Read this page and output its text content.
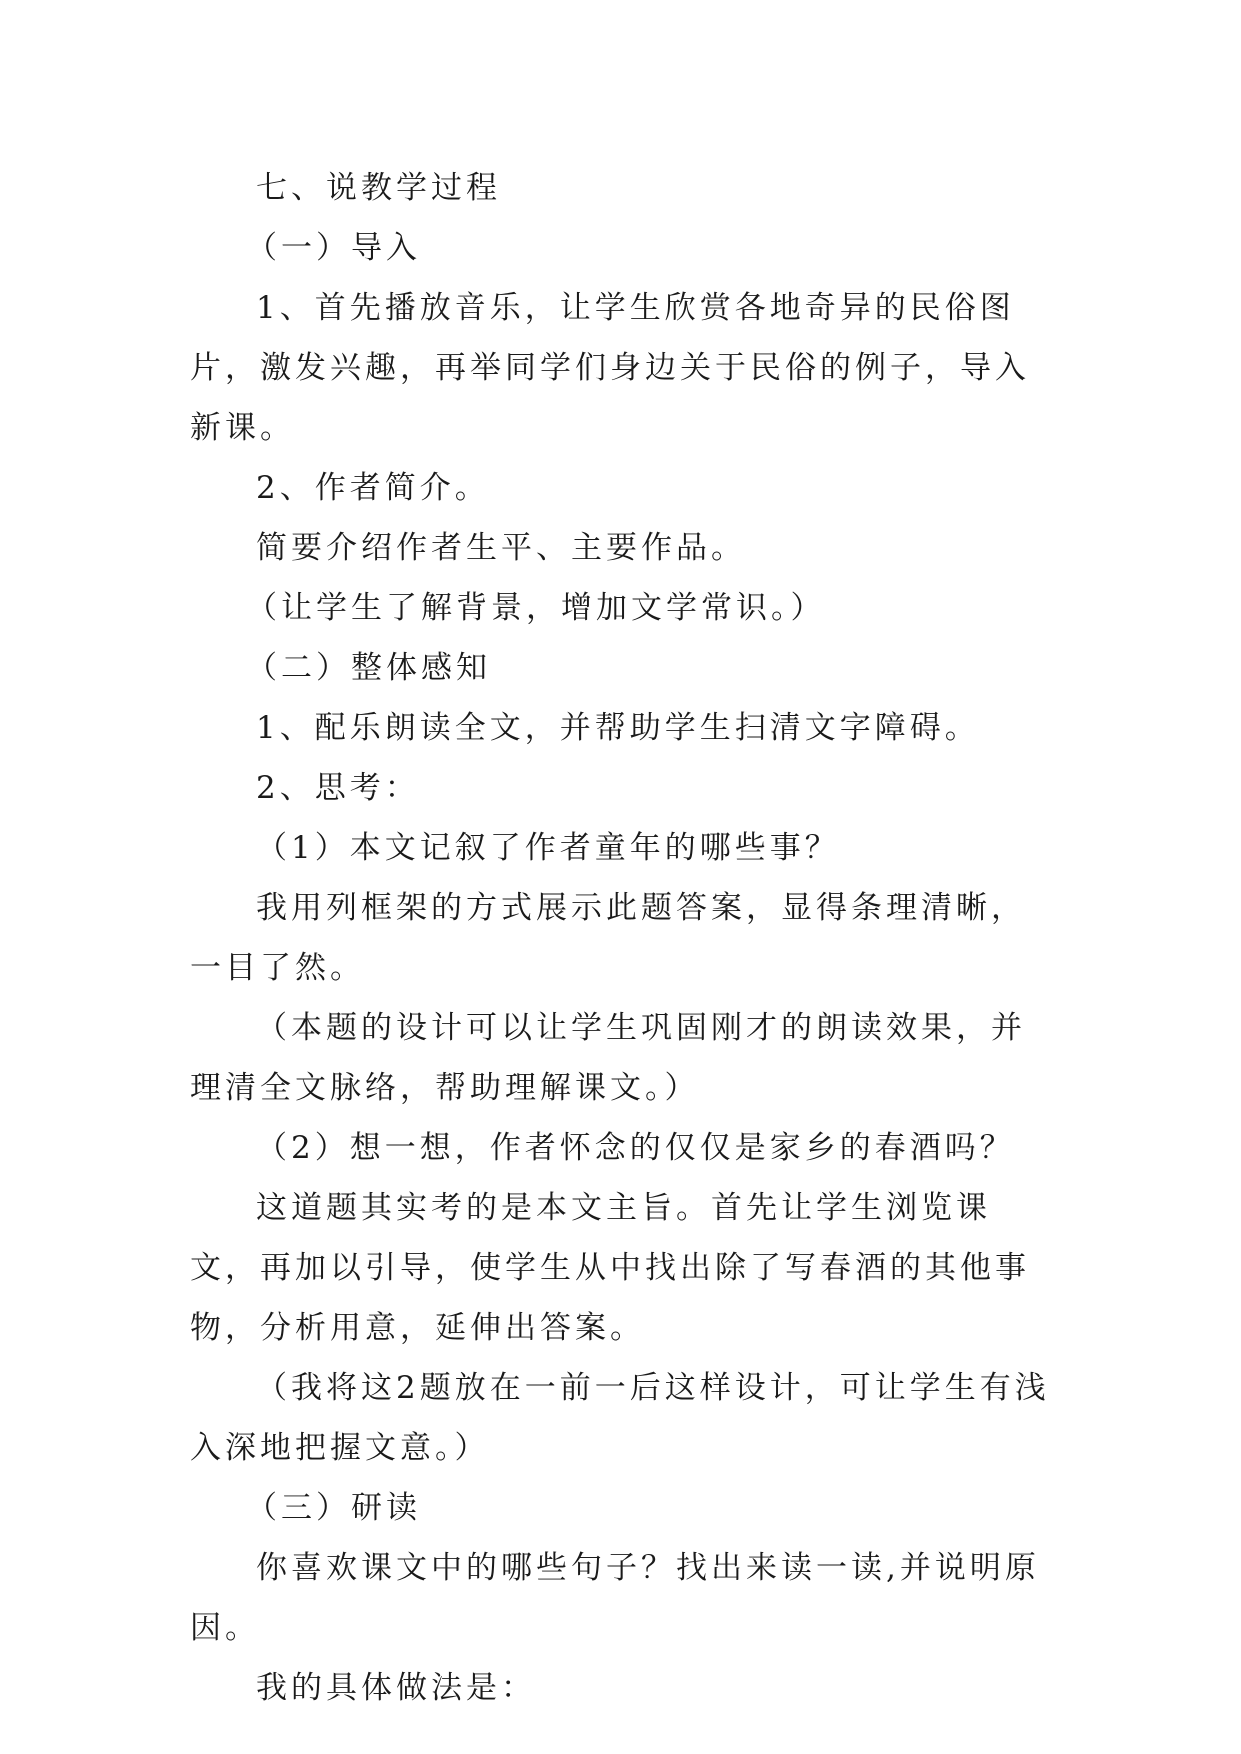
七、说教学过程

（一）导入

1、首先播放音乐，让学生欣赏各地奇异的民俗图片，激发兴趣，再举同学们身边关于民俗的例子，导入新课。

2、作者简介。

简要介绍作者生平、主要作品。

（让学生了解背景，增加文学常识。）

（二）整体感知

1、配乐朗读全文，并帮助学生扫清文字障碍。

2、思考：

（1）本文记叙了作者童年的哪些事？

我用列框架的方式展示此题答案，显得条理清晰，一目了然。

（本题的设计可以让学生巩固刚才的朗读效果，并理清全文脉络，帮助理解课文。）

（2）想一想，作者怀念的仅仅是家乡的春酒吗？

这道题其实考的是本文主旨。首先让学生浏览课文，再加以引导，使学生从中找出除了写春酒的其他事物，分析用意，延伸出答案。

（我将这2题放在一前一后这样设计，可让学生有浅入深地把握文意。）

（三）研读

你喜欢课文中的哪些句子？找出来读一读,并说明原因。

我的具体做法是：
